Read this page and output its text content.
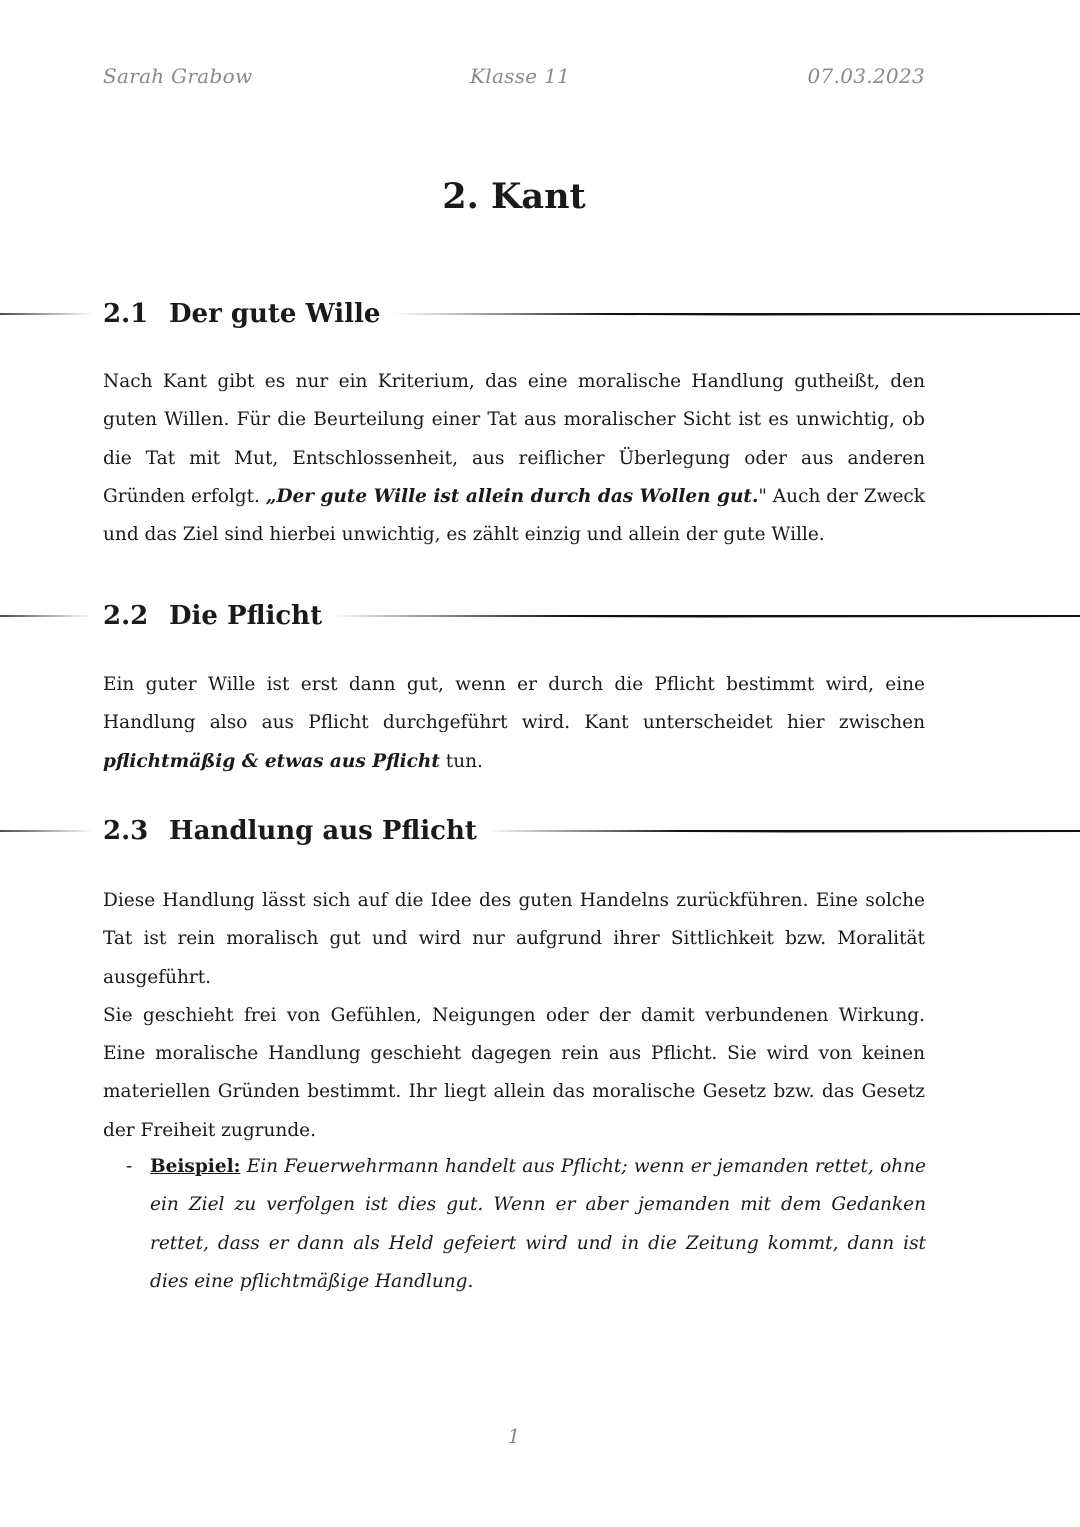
Sarah Grabow	Klasse 11	07.03.2023
2. Kant
2.1 Der gute Wille

Nach Kant gibt es nur ein Kriterium, das eine moralische Handlung gutheißt, den guten Willen. Für die Beurteilung einer Tat aus moralischer Sicht ist es unwichtig, ob die Tat mit Mut, Entschlossenheit, aus reiflicher Überlegung oder aus anderen Gründen erfolgt. „Der gute Wille ist allein durch das Wollen gut." Auch der Zweck und das Ziel sind hierbei unwichtig, es zählt einzig und allein der gute Wille.

2.2 Die Pflicht

Ein guter Wille ist erst dann gut, wenn er durch die Pflicht bestimmt wird, eine Handlung also aus Pflicht durchgeführt wird. Kant unterscheidet hier zwischen pflichtmäßig & etwas aus Pflicht tun.

2.3 Handlung aus Pflicht
Diese Handlung lässt sich auf die Idee des guten Handelns zurückführen. Eine solche Tat ist rein moralisch gut und wird nur aufgrund ihrer Sittlichkeit bzw. Moralität ausgeführt.
Sie geschieht frei von Gefühlen, Neigungen oder der damit verbundenen Wirkung. Eine moralische Handlung geschieht dagegen rein aus Pflicht. Sie wird von keinen materiellen Gründen bestimmt. Ihr liegt allein das moralische Gesetz bzw. das Gesetz der Freiheit zugrunde.
- Beispiel: Ein Feuerwehrmann handelt aus Pflicht; wenn er jemanden rettet, ohne ein Ziel zu verfolgen ist dies gut. Wenn er aber jemanden mit dem Gedanken rettet, dass er dann als Held gefeiert wird und in die Zeitung kommt, dann ist dies eine pflichtmäßige Handlung.
1
